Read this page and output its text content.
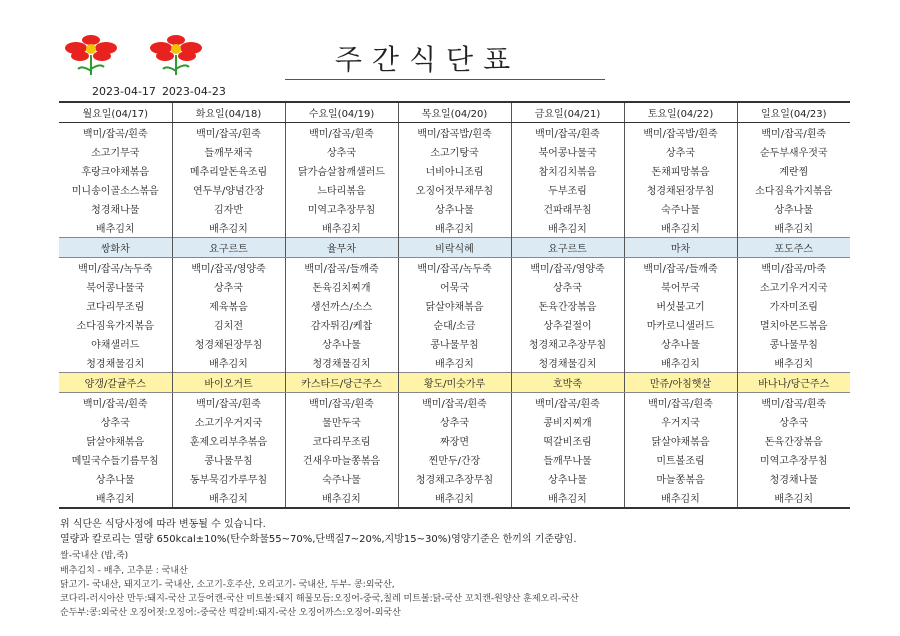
주간식단표
2023-04-17 2023-04-23
월요일(04/17)	화요일(04/18)	수요일(04/19)	목요일(04/20)	금요일(04/21)	토요일(04/22)	일요일(04/23)
백미/잡곡/흰죽	백미/잡곡/흰죽	백미/잡곡/흰죽	백미/잡곡밥/흰죽	백미/잡곡/흰죽	백미/잡곡밥/흰죽	백미/잡곡/흰죽
소고기무국	들깨무채국	상추국	소고기탕국	북어콩나물국	상추국	순두부새우젓국
후랑크야채볶음	메추리알돈육조림	닭가슴살참깨샐러드	너비아니조림	참치김치볶음	돈채피망볶음	계란찜
미니송이골소스볶음	연두부/양념간장	느타리볶음	오징어젓무채무침	두부조림	청경채된장무침	소다짐육가지볶음
청경채나물	김자반	미역고추장무침	상추나물	건파래무침	숙주나물	상추나물
배추김치	배추김치	배추김치	배추김치	배추김치	배추김치	배추김치
쌍화차	요구르트	율무차	비락식혜	요구르트	마차	포도주스
백미/잡곡/녹두죽	백미/잡곡/영양죽	백미/잡곡/들깨죽	백미/잡곡/녹두죽	백미/잡곡/영양죽	백미/잡곡/들깨죽	백미/잡곡/마죽
북어콩나물국	상추국	돈육김치찌개	어묵국	상추국	북어무국	소고기우거지국
코다리무조림	제육볶음	생선까스/소스	닭살야채볶음	돈육간장볶음	버섯불고기	가자미조림
소다짐육가지볶음	김치전	감자튀김/케찹	순대/소금	상추겉절이	마카로니샐러드	멸치아몬드볶음
야채샐러드	청경채된장무침	상추나물	콩나물무침	청경채고추장무침	상추나물	콩나물무침
청경채물김치	배추김치	청경채물김치	배추김치	청경채물김치	배추김치	배추김치
양갱/갈귤주스	바이오거트	카스타드/당근주스	황도/미숫가루	호박죽	만쥬/아침햇살	바나나/당근주스
백미/잡곡/흰죽	백미/잡곡/흰죽	백미/잡곡/흰죽	백미/잡곡/흰죽	백미/잡곡/흰죽	백미/잡곡/흰죽	백미/잡곡/흰죽
상추국	소고기우거지국	물만두국	상추국	콩비지찌개	우거지국	상추국
닭살야채볶음	훈제오리부추볶음	코다리무조림	짜장면	떡갈비조림	닭살야채볶음	돈육간장볶음
메밀국수들기름무침	콩나물무침	건새우마늘쫑볶음	찐만두/간장	들깨무나물	미트볼조림	미역고추장무침
상추나물	동부묵김가루무침	숙주나물	청경채고추장무침	상추나물	마늘쫑볶음	청경채나물
배추김치	배추김치	배추김치	배추김치	배추김치	배추김치	배추김치
위 식단은 식당사정에 따라 변동될 수 있습니다.
열량과 칼로리는 열량 650kcal±10%(탄수화물55~70%,단백질7~20%,지방15~30%)영양기준은 한끼의 기준량임.
쌀-국내산 (밥,죽)
배추김치 - 배추, 고추분 : 국내산
닭고기- 국내산, 돼지고기- 국내산, 소고기-호주산, 오리고기- 국내산, 두부- 콩:외국산,
코다리-러시아산 만두:돼지-국산 고등어캔-국산 미트볼:돼지 해물모듬:오징어-중국,칠레 미트볼:닭-국산 꼬치캔-원양산 훈제오리-국산
순두부:콩:외국산 오징어젓:오징어:-중국산 떡갈비:돼지-국산 오징어까스:오징어-외국산
